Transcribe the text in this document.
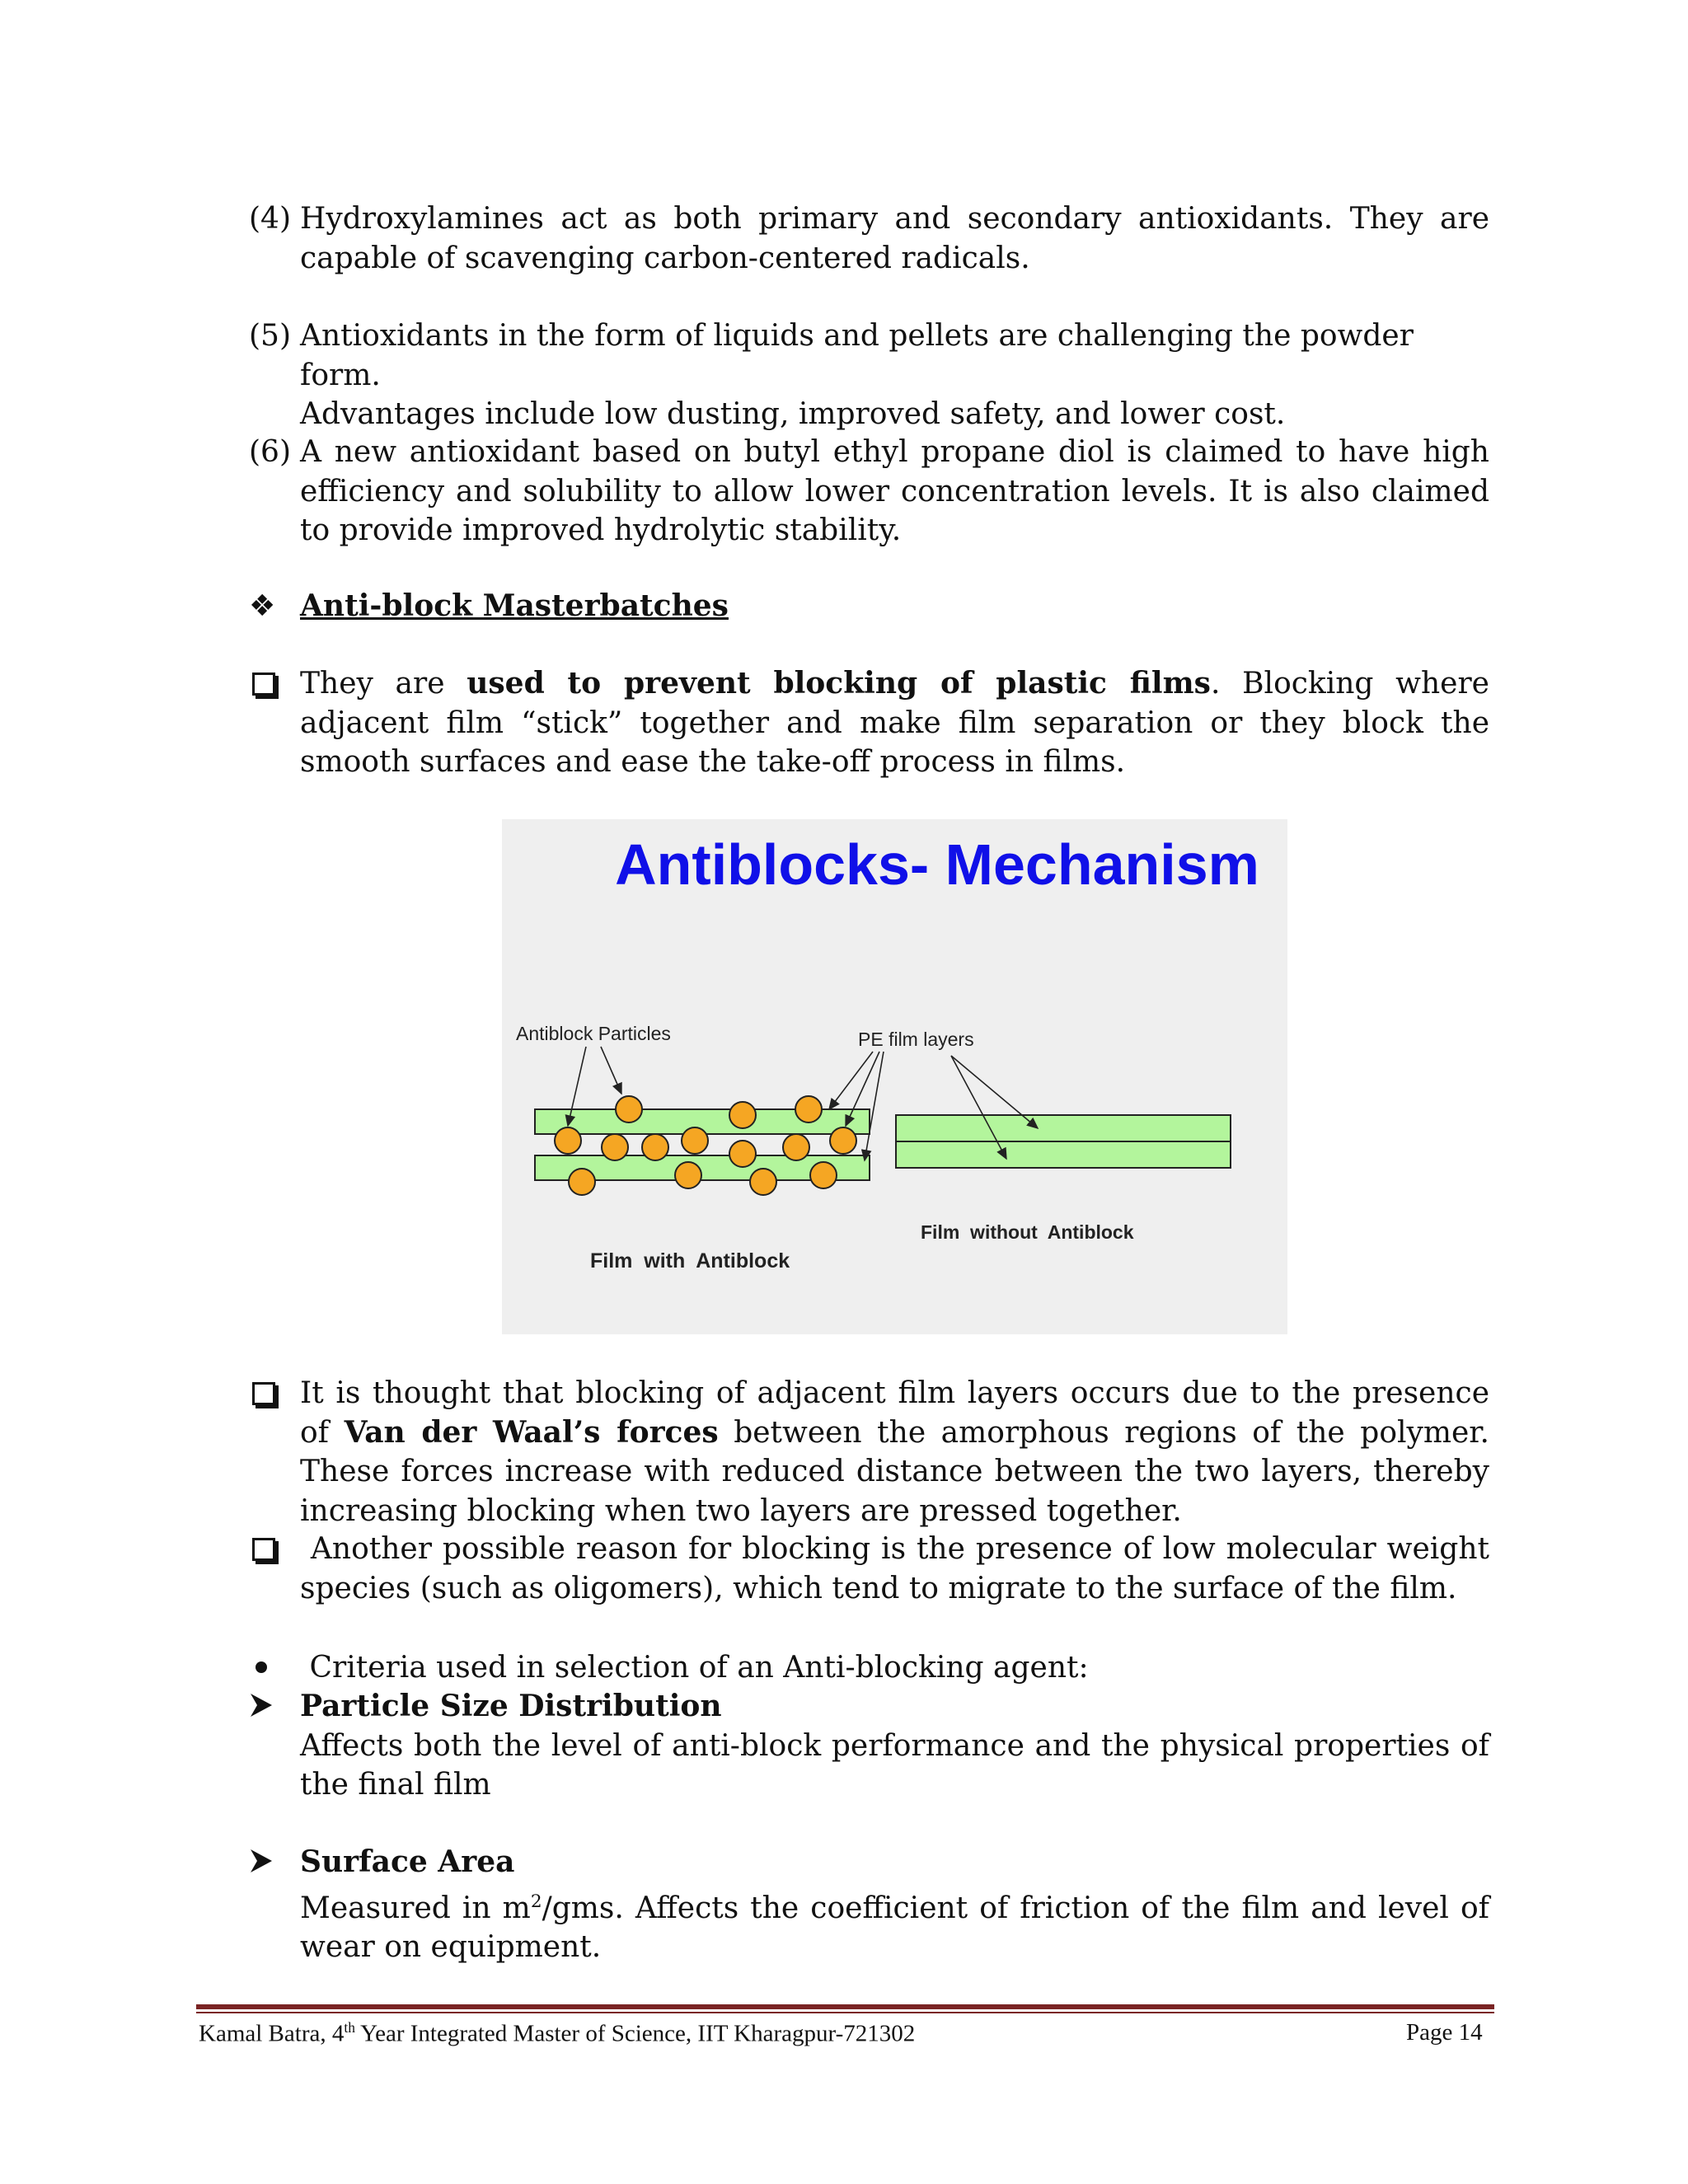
(4) Hydroxylamines act as both primary and secondary antioxidants. They are capable of scavenging carbon-centered radicals.
(5) Antioxidants in the form of liquids and pellets are challenging the powder form.
Advantages include low dusting, improved safety, and lower cost.
(6) A new antioxidant based on butyl ethyl propane diol is claimed to have high efficiency and solubility to allow lower concentration levels. It is also claimed to provide improved hydrolytic stability.
❖ Anti-block Masterbatches
They are used to prevent blocking of plastic films. Blocking where adjacent film “stick” together and make film separation or they block the smooth surfaces and ease the take-off process in films.
Antiblocks- Mechanism
Antiblock Particles	PE film layers
Film  without  Antiblock
Film  with  Antiblock
It is thought that blocking of adjacent film layers occurs due to the presence of Van der Waal’s forces between the amorphous regions of the polymer. These forces increase with reduced distance between the two layers, thereby increasing blocking when two layers are pressed together.
Another possible reason for blocking is the presence of low molecular weight species (such as oligomers), which tend to migrate to the surface of the film.
Criteria used in selection of an Anti-blocking agent:
Particle Size Distribution
Affects both the level of anti-block performance and the physical properties of the final film
Surface Area
Measured in $m^2$/gms. Affects the coefficient of friction of the film and level of wear on equipment.
Kamal Batra, 4th Year Integrated Master of Science, IIT Kharagpur-721302	Page 14
